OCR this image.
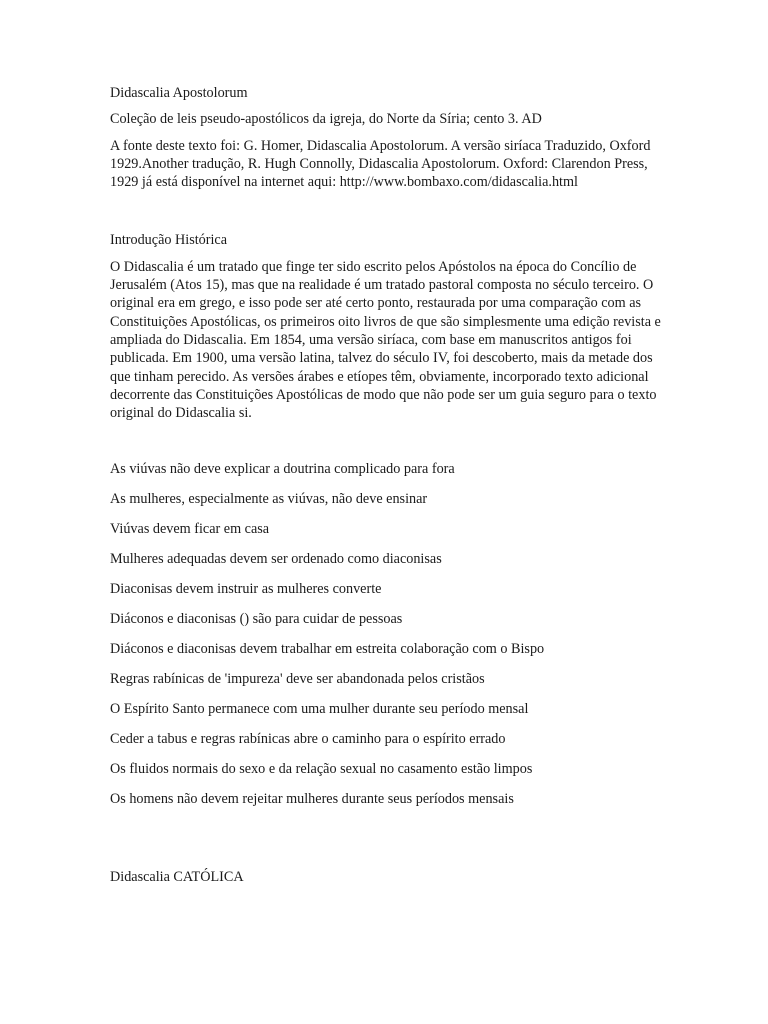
Didascalia Apostolorum

Coleção de leis pseudo-apostólicos da igreja, do Norte da Síria; cento 3. AD

A fonte deste texto foi: G. Homer, Didascalia Apostolorum. A versão siríaca Traduzido, Oxford 1929.Another tradução, R. Hugh Connolly, Didascalia Apostolorum. Oxford: Clarendon Press, 1929 já está disponível na internet aqui: http://www.bombaxo.com/didascalia.html

Introdução Histórica

O Didascalia é um tratado que finge ter sido escrito pelos Apóstolos na época do Concílio de Jerusalém (Atos 15), mas que na realidade é um tratado pastoral composta no século terceiro. O original era em grego, e isso pode ser até certo ponto, restaurada por uma comparação com as Constituições Apostólicas, os primeiros oito livros de que são simplesmente uma edição revista e ampliada do Didascalia. Em 1854, uma versão siríaca, com base em manuscritos antigos foi publicada. Em 1900, uma versão latina, talvez do século IV, foi descoberto, mais da metade dos que tinham perecido. As versões árabes e etíopes têm, obviamente, incorporado texto adicional decorrente das Constituições Apostólicas de modo que não pode ser um guia seguro para o texto original do Didascalia si.

As viúvas não deve explicar a doutrina complicado para fora
As mulheres, especialmente as viúvas, não deve ensinar
Viúvas devem ficar em casa
Mulheres adequadas devem ser ordenado como diaconisas
Diaconisas devem instruir as mulheres converte
Diáconos e diaconisas () são para cuidar de pessoas
Diáconos e diaconisas devem trabalhar em estreita colaboração com o Bispo
Regras rabínicas de 'impureza' deve ser abandonada pelos cristãos
O Espírito Santo permanece com uma mulher durante seu período mensal
Ceder a tabus e regras rabínicas abre o caminho para o espírito errado
Os fluidos normais do sexo e da relação sexual no casamento estão limpos
Os homens não devem rejeitar mulheres durante seus períodos mensais

Didascalia CATÓLICA
